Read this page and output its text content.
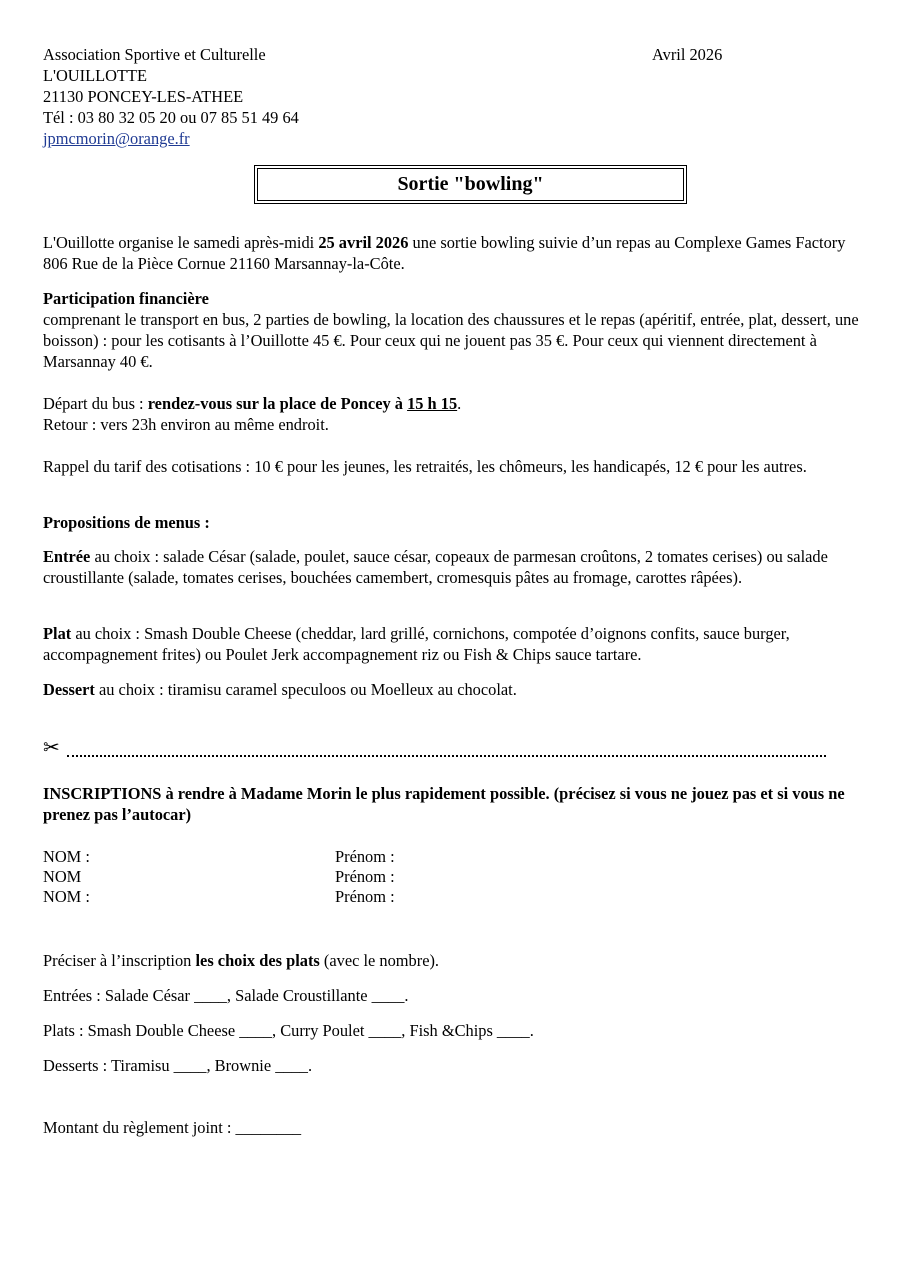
Association Sportive et Culturelle	Avril 2026
L'OUILLOTTE
21130 PONCEY-LES-ATHEE
Tél : 03 80 32 05 20 ou 07 85 51 49 64
jpmcmorin@orange.fr
Sortie "bowling"

L'Ouillotte organise le samedi après-midi 25 avril 2026 une sortie bowling suivie d’un repas au Complexe Games Factory 806 Rue de la Pièce Cornue 21160 Marsannay-la-Côte.

Participation financière

comprenant le transport en bus, 2 parties de bowling, la location des chaussures et le repas (apéritif, entrée, plat, dessert, une boisson) : pour les cotisants à l’Ouillotte 45 €. Pour ceux qui ne jouent pas 35 €. Pour ceux qui viennent directement à Marsannay 40 €.

Départ du bus : rendez-vous sur la place de Poncey à 15 h 15.

Retour : vers 23h environ au même endroit.

Rappel du tarif des cotisations : 10 € pour les jeunes, les retraités, les chômeurs, les handicapés, 12 € pour les autres.

Propositions de menus :

Entrée au choix : salade César (salade, poulet, sauce césar, copeaux de parmesan croûtons, 2 tomates cerises) ou salade croustillante (salade, tomates cerises, bouchées camembert, cromesquis pâtes au fromage, carottes râpées).

Plat au choix : Smash Double Cheese (cheddar, lard grillé, cornichons, compotée d’oignons confits, sauce burger, accompagnement frites) ou Poulet Jerk accompagnement riz ou Fish & Chips sauce tartare.

Dessert au choix : tiramisu caramel speculoos ou Moelleux au chocolat.

✂

INSCRIPTIONS à rendre à Madame Morin le plus rapidement possible. (précisez si vous ne jouez pas et si vous ne prenez pas l’autocar)

NOM :	Prénom :
NOM	Prénom :
NOM :	Prénom :

Préciser à l’inscription les choix des plats (avec le nombre).

Entrées : Salade César ____, Salade Croustillante ____.

Plats : Smash Double Cheese ____, Curry Poulet ____, Fish &Chips ____.

Desserts : Tiramisu ____, Brownie ____.

Montant du règlement joint : ________
